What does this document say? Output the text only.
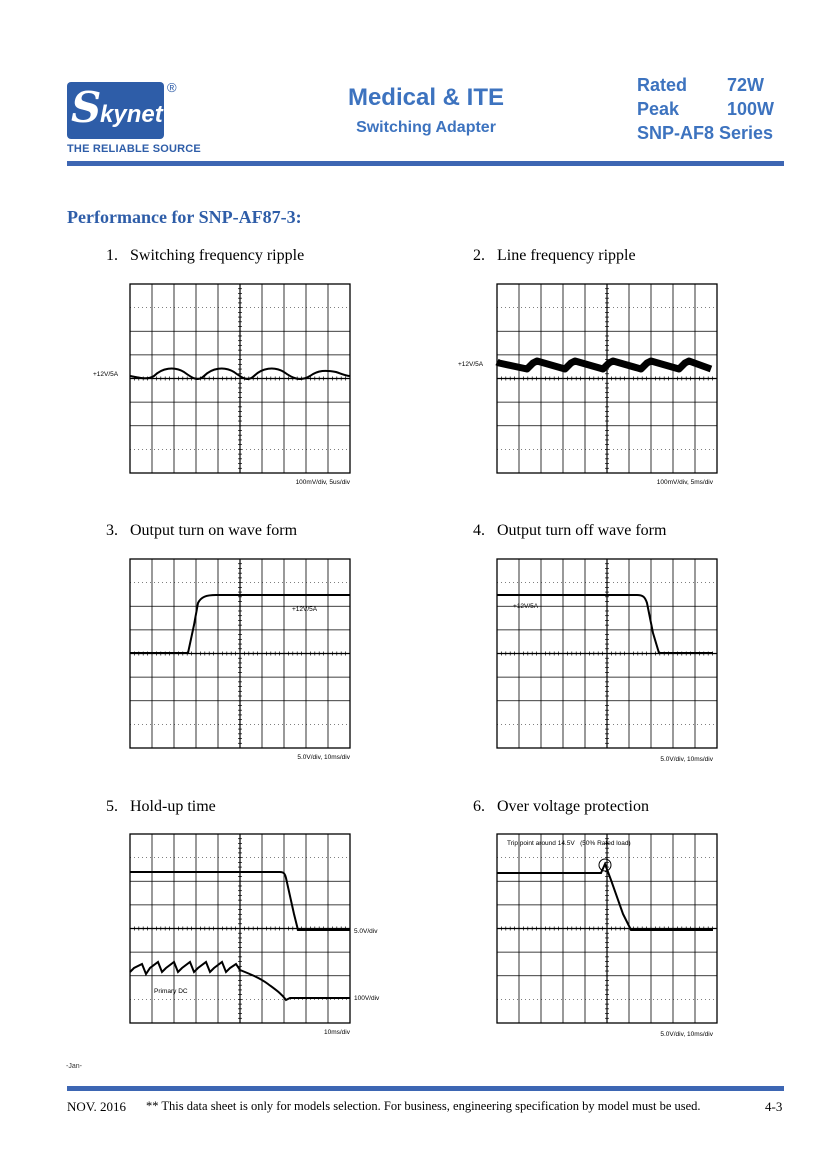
S
kynet
®
THE RELIABLE SOURCE
Medical & ITE
Switching Adapter
Rated 72W
Peak	100W
SNP-AF8 Series
Performance for SNP-AF87-3:
1. Switching frequency ripple	2. Line frequency ripple
3. Output turn on wave form	4. Output turn off wave form
5. Hold-up time	6. Over voltage protection
+12V/5A
100mV/div, 5us/div
+12V/5A
100mV/div, 5ms/div
+12V/5A
5.0V/div, 10ms/div
+12V/5A
5.0V/div, 10ms/div
5.0V/div
Primary DC
100V/div
10ms/div
Trip point around 14.5V   (50% Rated load)
5.0V/div, 10ms/div
-Jan-
NOV. 2016 ** This data sheet is only for models selection. For business, engineering specification by model must be used.	4-3
